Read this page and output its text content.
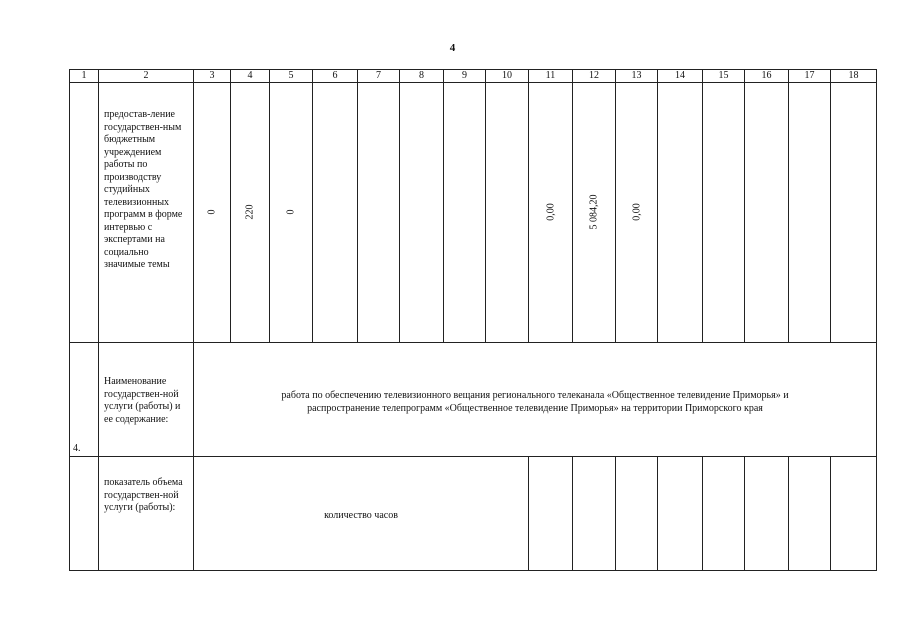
4
1	2	3	4	5	6	7	8	9	10	11	12	13	14	15	16	17	18
	предостав-ление государствен-ным бюджетным учреждением работы по производству студийных телевизионных программ в форме интервью с экспертами на социально значимые темы	0	220	0						0,00	5 084,20	0,00					

4.	Наименование государствен-ной услуги (работы) и ее содержание:	работа по обеспечению телевизионного вещания регионального телеканала «Общественное телевидение Приморья» и
распространение телепрограмм «Общественное телевидение Приморья» на территории Приморского края															

	показатель объема государствен-ной услуги (работы):	количество часов															
